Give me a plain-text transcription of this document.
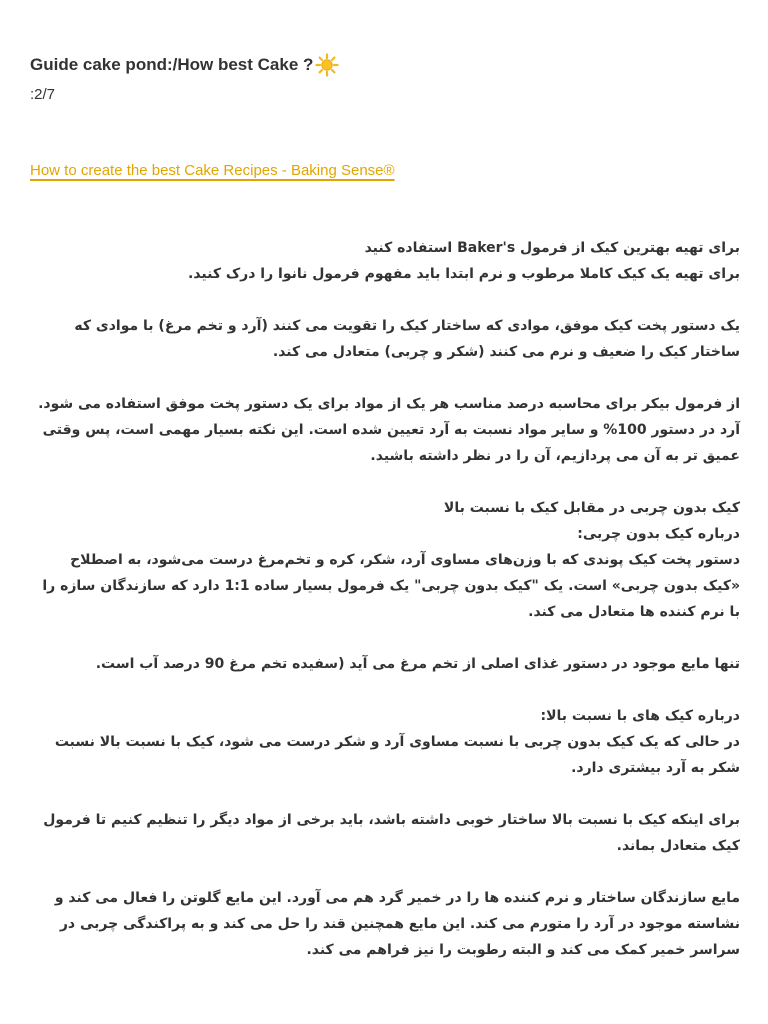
Guide cake pond:/How best Cake ?
:2/7
How to create the best Cake Recipes - Baking Sense®
برای تهیه بهترین کیک از فرمول Baker's استفاده کنید
برای تهیه یک کیک کاملا مرطوب و نرم ابتدا باید مفهوم فرمول نانوا را درک کنید.

یک دستور پخت کیک موفق، موادی که ساختار کیک را تقویت می کنند (آرد و تخم مرغ) با موادی که ساختار کیک را ضعیف و نرم می کنند (شکر و چربی) متعادل می کند.

از فرمول بیکر برای محاسبه درصد مناسب هر یک از مواد برای یک دستور پخت موفق استفاده می شود. آرد در دستور 100% و سایر مواد نسبت به آرد تعیین شده است. این نکته بسیار مهمی است، پس وقتی عمیق تر به آن می پردازیم، آن را در نظر داشته باشید.

کیک بدون چربی در مقابل کیک با نسبت بالا
درباره کیک بدون چربی:
دستور پخت کیک پوندی که با وزن‌های مساوی آرد، شکر، کره و تخم‌مرغ درست می‌شود، به اصطلاح «کیک بدون چربی» است. یک "کیک بدون چربی" یک فرمول بسیار ساده 1:1 دارد که سازندگان سازه را با نرم کننده ها متعادل می کند.

تنها مایع موجود در دستور غذای اصلی از تخم مرغ می آید (سفیده تخم مرغ 90 درصد آب است.

درباره کیک های با نسبت بالا:
در حالی که یک کیک بدون چربی با نسبت مساوی آرد و شکر درست می شود، کیک با نسبت بالا نسبت شکر به آرد بیشتری دارد.

برای اینکه کیک با نسبت بالا ساختار خوبی داشته باشد، باید برخی از مواد دیگر را تنظیم کنیم تا فرمول کیک متعادل بماند.

مایع سازندگان ساختار و نرم کننده ها را در خمیر گرد هم می آورد. این مایع گلوتن را فعال می کند و نشاسته موجود در آرد را متورم می کند. این مایع همچنین قند را حل می کند و به پراکندگی چربی در سراسر خمیر کمک می کند و البته رطوبت را نیز فراهم می کند.
